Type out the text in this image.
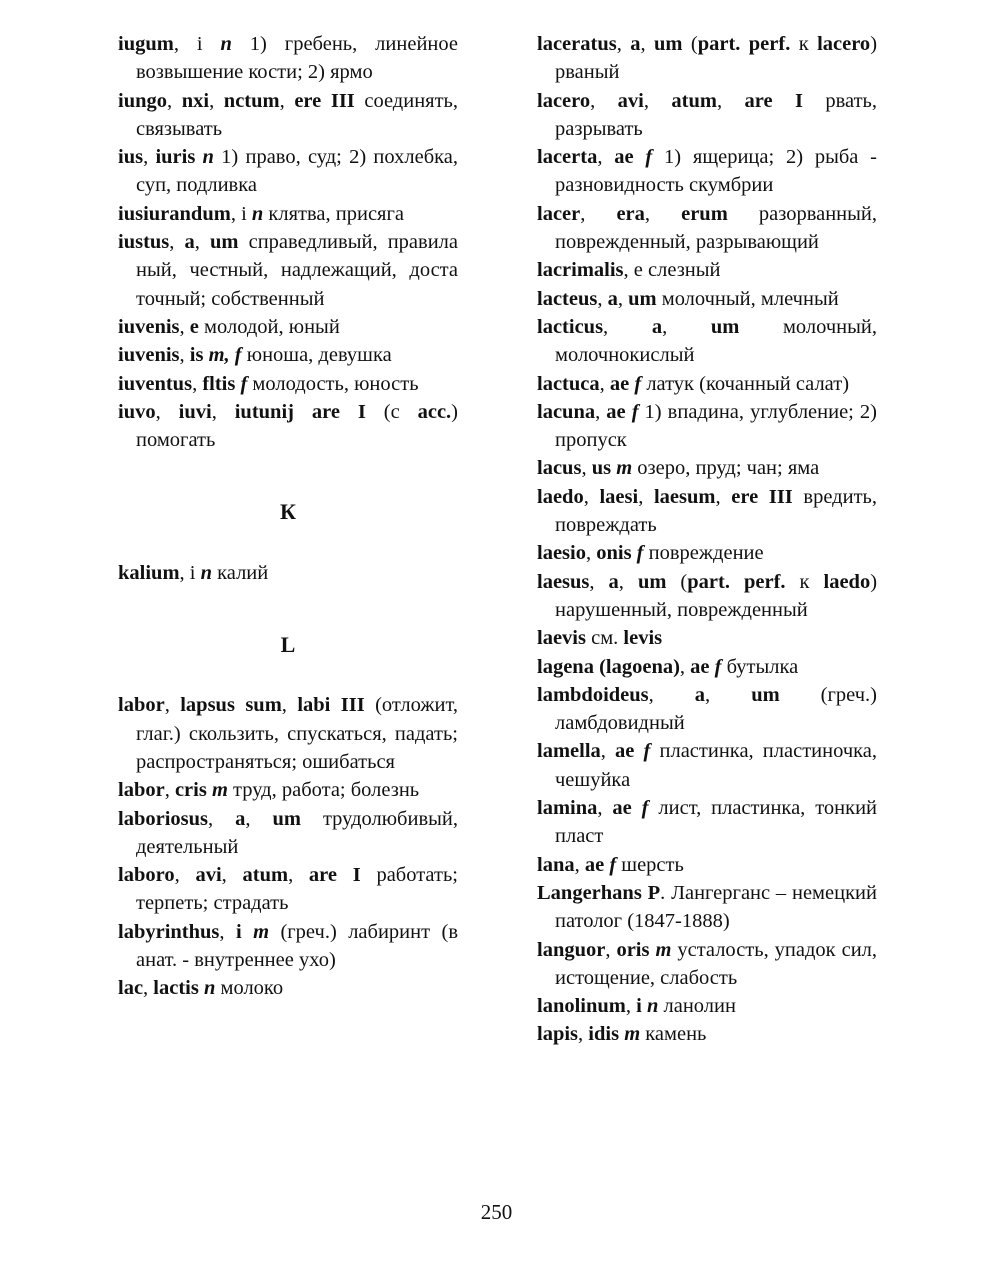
iugum, i n 1) гребень, линейное возвышение кости; 2) ярмо

iungo, nxi, nctum, ere III соединять, связывать

ius, iuris n 1) право, суд; 2) похлебка, суп, подливка

iusiurandum, i n клятва, присяга

iustus, a, um справедливый, правила ный, честный, надлежащий, доста точный; собственный

iuvenis, e молодой, юный

iuvenis, is m, f юноша, девушка

iuventus, fltis f молодость, юность

iuvo, iuvi, iutunij are I (с acc.) помогать

К

kalium, i n калий

L

labor, lapsus sum, labi III (отложит, глаг.) скользить, спускаться, падать; распространяться; ошибаться

labor, cris m труд, работа; болезнь

laboriosus, a, um трудолюбивый, деятельный

laboro, avi, atum, are I работать; терпеть; страдать

labyrinthus, i m (греч.) лабиринт (в анат. - внутреннее ухо)

lac, lactis n молоко

laceratus, a, um (part. perf. к lacero) рваный

lacero, avi, atum, are I рвать, разрывать

lacerta, ae f 1) ящерица; 2) рыба - разновидность скумбрии

lacer, era, erum разорванный, поврежденный, разрывающий

lacrimalis, е слезный

lacteus, a, um молочный, млечный

lacticus, a, um молочный, молочнокислый

lactuca, ae f латук (кочанный салат)

lacuna, ae f 1) впадина, углубление; 2) пропуск

lacus, us m озеро, пруд; чан; яма

laedo, laesi, laesum, ere III вредить, повреждать

laesio, onis f повреждение

laesus, a, um (part. perf. к laedo) нарушенный, поврежденный

laevis см. levis

lagena (lagoena), ae f бутылка

lambdoideus, a, um (греч.) ламбдовидный

lamella, ae f пластинка, пластиночка, чешуйка

lamina, ae f лист, пластинка, тонкий пласт

lana, ae f шерсть

Langerhans P. Лангерганс – немецкий патолог (1847-1888)

languor, oris m усталость, упадок сил, истощение, слабость

lanolinum, i n ланолин

lapis, idis m камень

250
